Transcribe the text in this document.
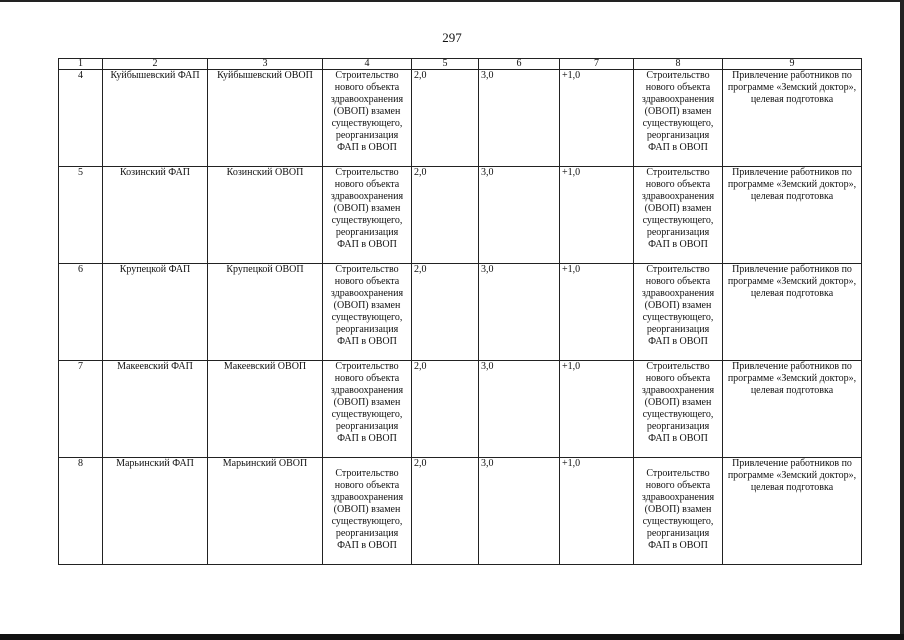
297
1	2	3	4	5	6	7	8	9
4	Куйбышевский ФАП	Куйбышевский ОВОП	Строительство нового объекта здравоохранения (ОВОП) взамен существующего, реорганизация ФАП в ОВОП	2,0	3,0	+1,0	Строительство нового объекта здравоохранения (ОВОП) взамен существующего, реорганизация ФАП в ОВОП	Привлечение работников по программе «Земский доктор», целевая подготовка
5	Козинский ФАП	Козинский ОВОП	Строительство нового объекта здравоохранения (ОВОП) взамен существующего, реорганизация ФАП в ОВОП	2,0	3,0	+1,0	Строительство нового объекта здравоохранения (ОВОП) взамен существующего, реорганизация ФАП в ОВОП	Привлечение работников по программе «Земский доктор», целевая подготовка
6	Крупецкой ФАП	Крупецкой ОВОП	Строительство нового объекта здравоохранения (ОВОП) взамен существующего, реорганизация ФАП в ОВОП	2,0	3,0	+1,0	Строительство нового объекта здравоохранения (ОВОП) взамен существующего, реорганизация ФАП в ОВОП	Привлечение работников по программе «Земский доктор», целевая подготовка
7	Макеевский ФАП	Макеевский ОВОП	Строительство нового объекта здравоохранения (ОВОП) взамен существующего, реорганизация ФАП в ОВОП	2,0	3,0	+1,0	Строительство нового объекта здравоохранения (ОВОП) взамен существующего, реорганизация ФАП в ОВОП	Привлечение работников по программе «Земский доктор», целевая подготовка
8	Марьинский ФАП	Марьинский ОВОП	Строительство нового объекта здравоохранения (ОВОП) взамен существующего, реорганизация ФАП в ОВОП	2,0	3,0	+1,0	Строительство нового объекта здравоохранения (ОВОП) взамен существующего, реорганизация ФАП в ОВОП	Привлечение работников по программе «Земский доктор», целевая подготовка
